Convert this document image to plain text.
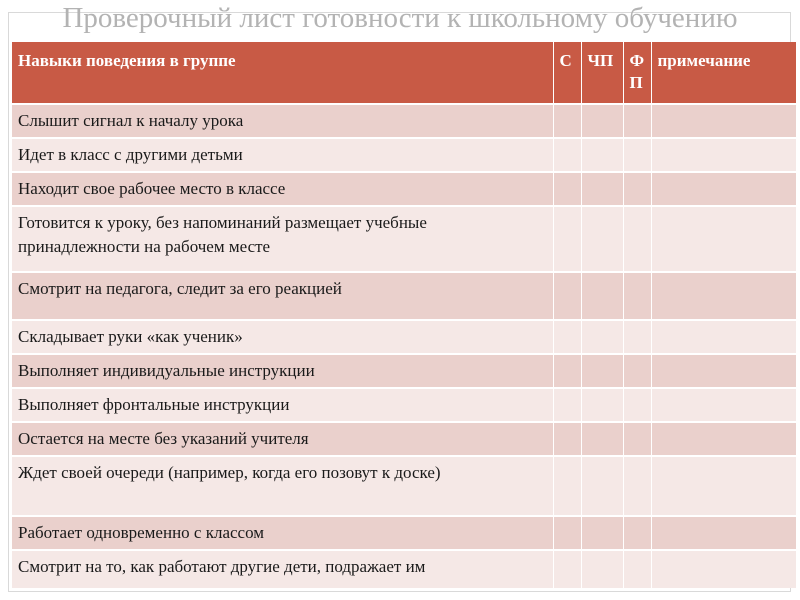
Проверочный лист готовности к школьному обучению
Навыки поведения в группе	С	ЧП	ФП	примечание
Слышит сигнал к началу урока				
Идет в класс с другими детьми				
Находит свое рабочее место в классе				
Готовится к уроку, без напоминаний размещает учебные принадлежности на рабочем месте				
Смотрит на педагога, следит за его реакцией				
Складывает руки «как ученик»				
Выполняет индивидуальные инструкции				
Выполняет фронтальные инструкции				
Остается на месте без указаний учителя				
Ждет своей очереди (например, когда его позовут к доске)				
Работает одновременно с классом				
Смотрит на то, как работают другие дети, подражает им				
